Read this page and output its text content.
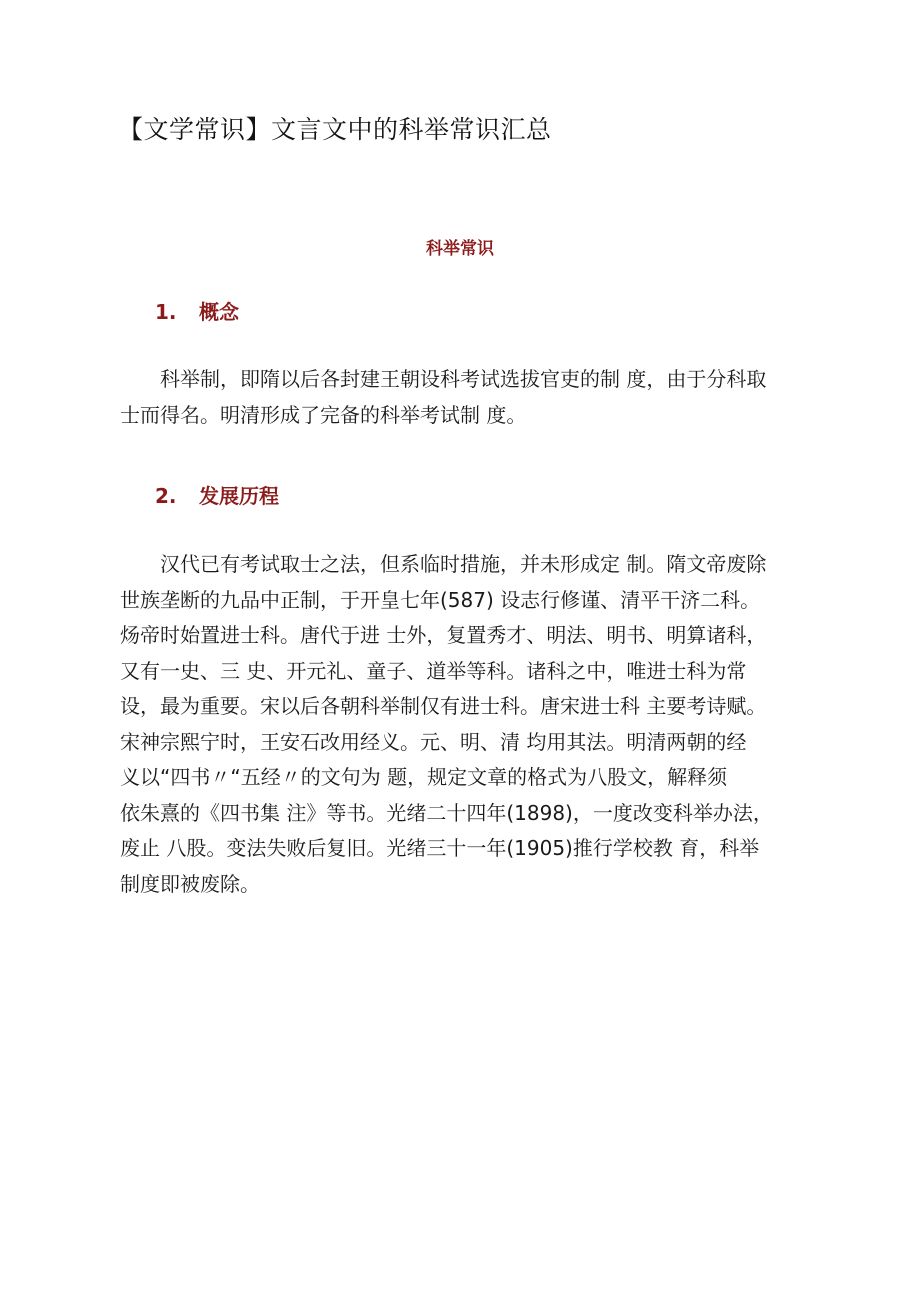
【文学常识】文言文中的科举常识汇总
科举常识
1. 概念
　　科举制，即隋以后各封建王朝设科考试选拔官吏的制 度，由于分科取
士而得名。明清形成了完备的科举考试制 度。
2. 发展历程
　　汉代已有考试取士之法，但系临时措施，并未形成定 制。隋文帝废除
世族垄断的九品中正制，于开皇七年(587) 设志行修谨、清平干济二科。
炀帝时始置进士科。唐代于进 士外，复置秀才、明法、明书、明算诸科，
又有一史、三 史、开元礼、童子、道举等科。诸科之中，唯进士科为常
设，最为重要。宋以后各朝科举制仅有进士科。唐宋进士科 主要考诗赋。
宋神宗熙宁时，王安石改用经义。元、明、清 均用其法。明清两朝的经
义以“四书〃“五经〃的文句为 题，规定文章的格式为八股文，解释须
依朱熹的《四书集 注》等书。光绪二十四年(1898)，一度改变科举办法，
废止 八股。变法失败后复旧。光绪三十一年(1905)推行学校教 育，科举
制度即被废除。
